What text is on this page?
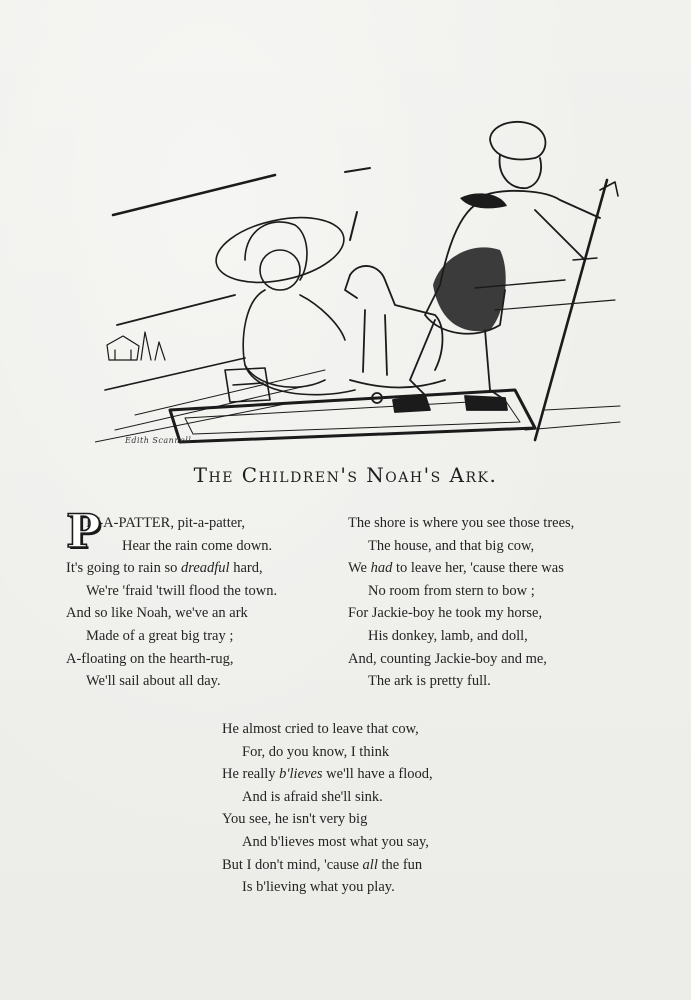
Edith Scannell
The Children's Noah's Ark.
P
IT-A-PATTER, pit-a-patter,
Hear the rain come down.
It's going to rain so dreadful hard,
We're 'fraid 'twill flood the town.
And so like Noah, we've an ark
Made of a great big tray ;
A-floating on the hearth-rug,
We'll sail about all day.
The shore is where you see those trees,
The house, and that big cow,
We had to leave her, 'cause there was
No room from stern to bow ;
For Jackie-boy he took my horse,
His donkey, lamb, and doll,
And, counting Jackie-boy and me,
The ark is pretty full.
He almost cried to leave that cow,
For, do you know, I think
He really b'lieves we'll have a flood,
And is afraid she'll sink.
You see, he isn't very big
And b'lieves most what you say,
But I don't mind, 'cause all the fun
Is b'lieving what you play.
